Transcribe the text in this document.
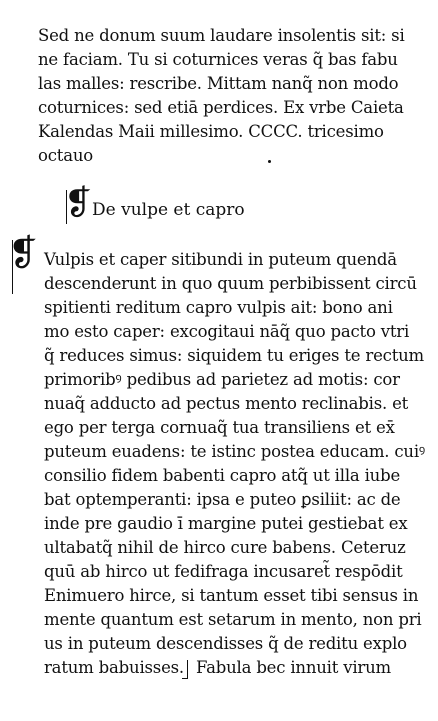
Sed ne donum suum laudare insolentis sit: si
ne faciam. Tu si coturnices veras q̃ bas fabu
las malles: rescribe. Mittam nanq̃ non modo
coturnices: sed etiā perdices. Ex vrbe Caieta
Kalendas Maii millesimo. CCCC. tricesimo
octauo
❡ De vulpe et capro
❡ Vulpis et caper sitibundi in puteum quendā
descenderunt in quo quum perbibissent circū
spitienti reditum capro vulpis ait: bono ani
mo esto caper: excogitaui nāq̃ quo pacto vtri
q̃ reduces simus: siquidem tu eriges te rectum
primoribꝰ pedibus ad parietez ad motis: cor
nuaq̃ adducto ad pectus mento reclinabis. et
ego per terga cornuaq̃ tua transiliens et ex̄
puteum euadens: te istinc postea educam. cuiꝰ
consilio fidem babenti capro atq̃ ut illa iube
bat optemperanti: ipsa e puteo ꝑsiliit: ac de
inde pre gaudio ī margine putei gestiebat ex
ultabatq̃ nihil de hirco cure babens. Ceteruz
quū ab hirco ut fedifraga incusaret̃ respōdit
Enimuero hirce, si tantum esset tibi sensus in
mente quantum est setarum in mento, non pri
us in puteum descendisses q̃ de reditu explo
ratum babuisses. Fabula bec innuit virum
